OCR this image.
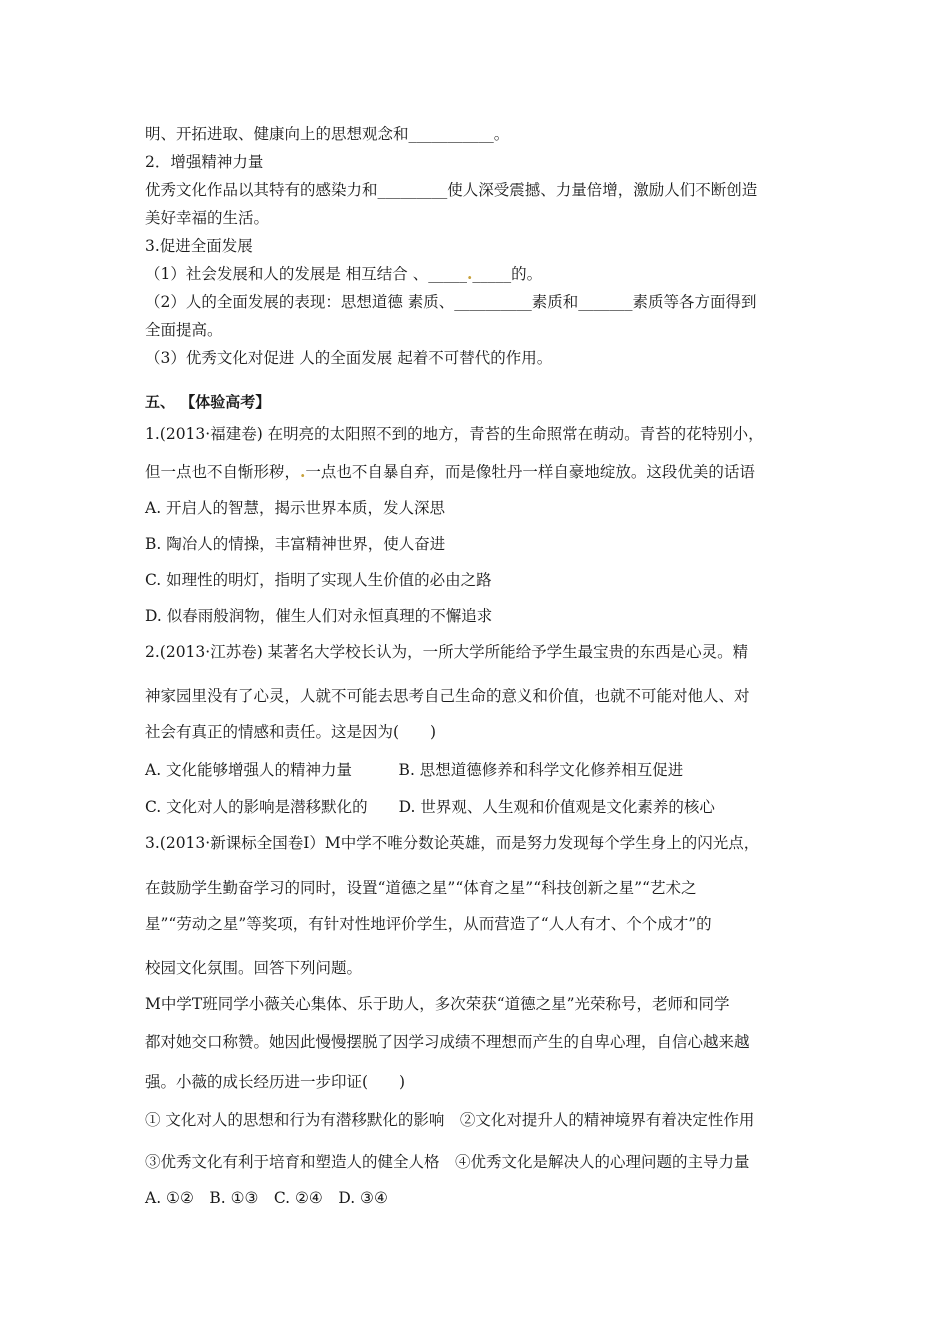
明、开拓进取、健康向上的思想观念和___________。
2．增强精神力量
优秀文化作品以其特有的感染力和_________使人深受震撼、力量倍增，激励人们不断创造
美好幸福的生活。
3.促进全面发展
（1）社会发展和人的发展是 相互结合 、_____._____的。
（2）人的全面发展的表现：思想道德 素质、__________素质和_______素质等各方面得到
全面提高。
（3）优秀文化对促进 人的全面发展 起着不可替代的作用。
五、 【体验高考】
1.(2013·福建卷) 在明亮的太阳照不到的地方，青苔的生命照常在萌动。青苔的花特别小，
但一点也不自惭形秽，.一点也不自暴自弃，而是像牡丹一样自豪地绽放。这段优美的话语
A. 开启人的智慧，揭示世界本质，发人深思
B. 陶冶人的情操，丰富精神世界，使人奋进
C. 如理性的明灯，指明了实现人生价值的必由之路
D. 似春雨般润物，催生人们对永恒真理的不懈追求
2.(2013·江苏卷) 某著名大学校长认为，一所大学所能给予学生最宝贵的东西是心灵。精
神家园里没有了心灵，人就不可能去思考自己生命的意义和价值，也就不可能对他人、对
社会有真正的情感和责任。这是因为(　　)
A. 文化能够增强人的精神力量　　　B. 思想道德修养和科学文化修养相互促进
C. 文化对人的影响是潜移默化的　　D. 世界观、人生观和价值观是文化素养的核心
3.(2013·新课标全国卷Ⅰ）M中学不唯分数论英雄，而是努力发现每个学生身上的闪光点，
在鼓励学生勤奋学习的同时，设置“道德之星”“体育之星”“科技创新之星”“艺术之
星”“劳动之星”等奖项，有针对性地评价学生，从而营造了“人人有才、个个成才”的
校园文化氛围。回答下列问题。
M中学T班同学小薇关心集体、乐于助人，多次荣获“道德之星”光荣称号，老师和同学
都对她交口称赞。她因此慢慢摆脱了因学习成绩不理想而产生的自卑心理，自信心越来越
强。小薇的成长经历进一步印证(　　)
① 文化对人的思想和行为有潜移默化的影响　②文化对提升人的精神境界有着决定性作用
③优秀文化有利于培育和塑造人的健全人格　④优秀文化是解决人的心理问题的主导力量
A. ①②　B. ①③　C. ②④　D. ③④
